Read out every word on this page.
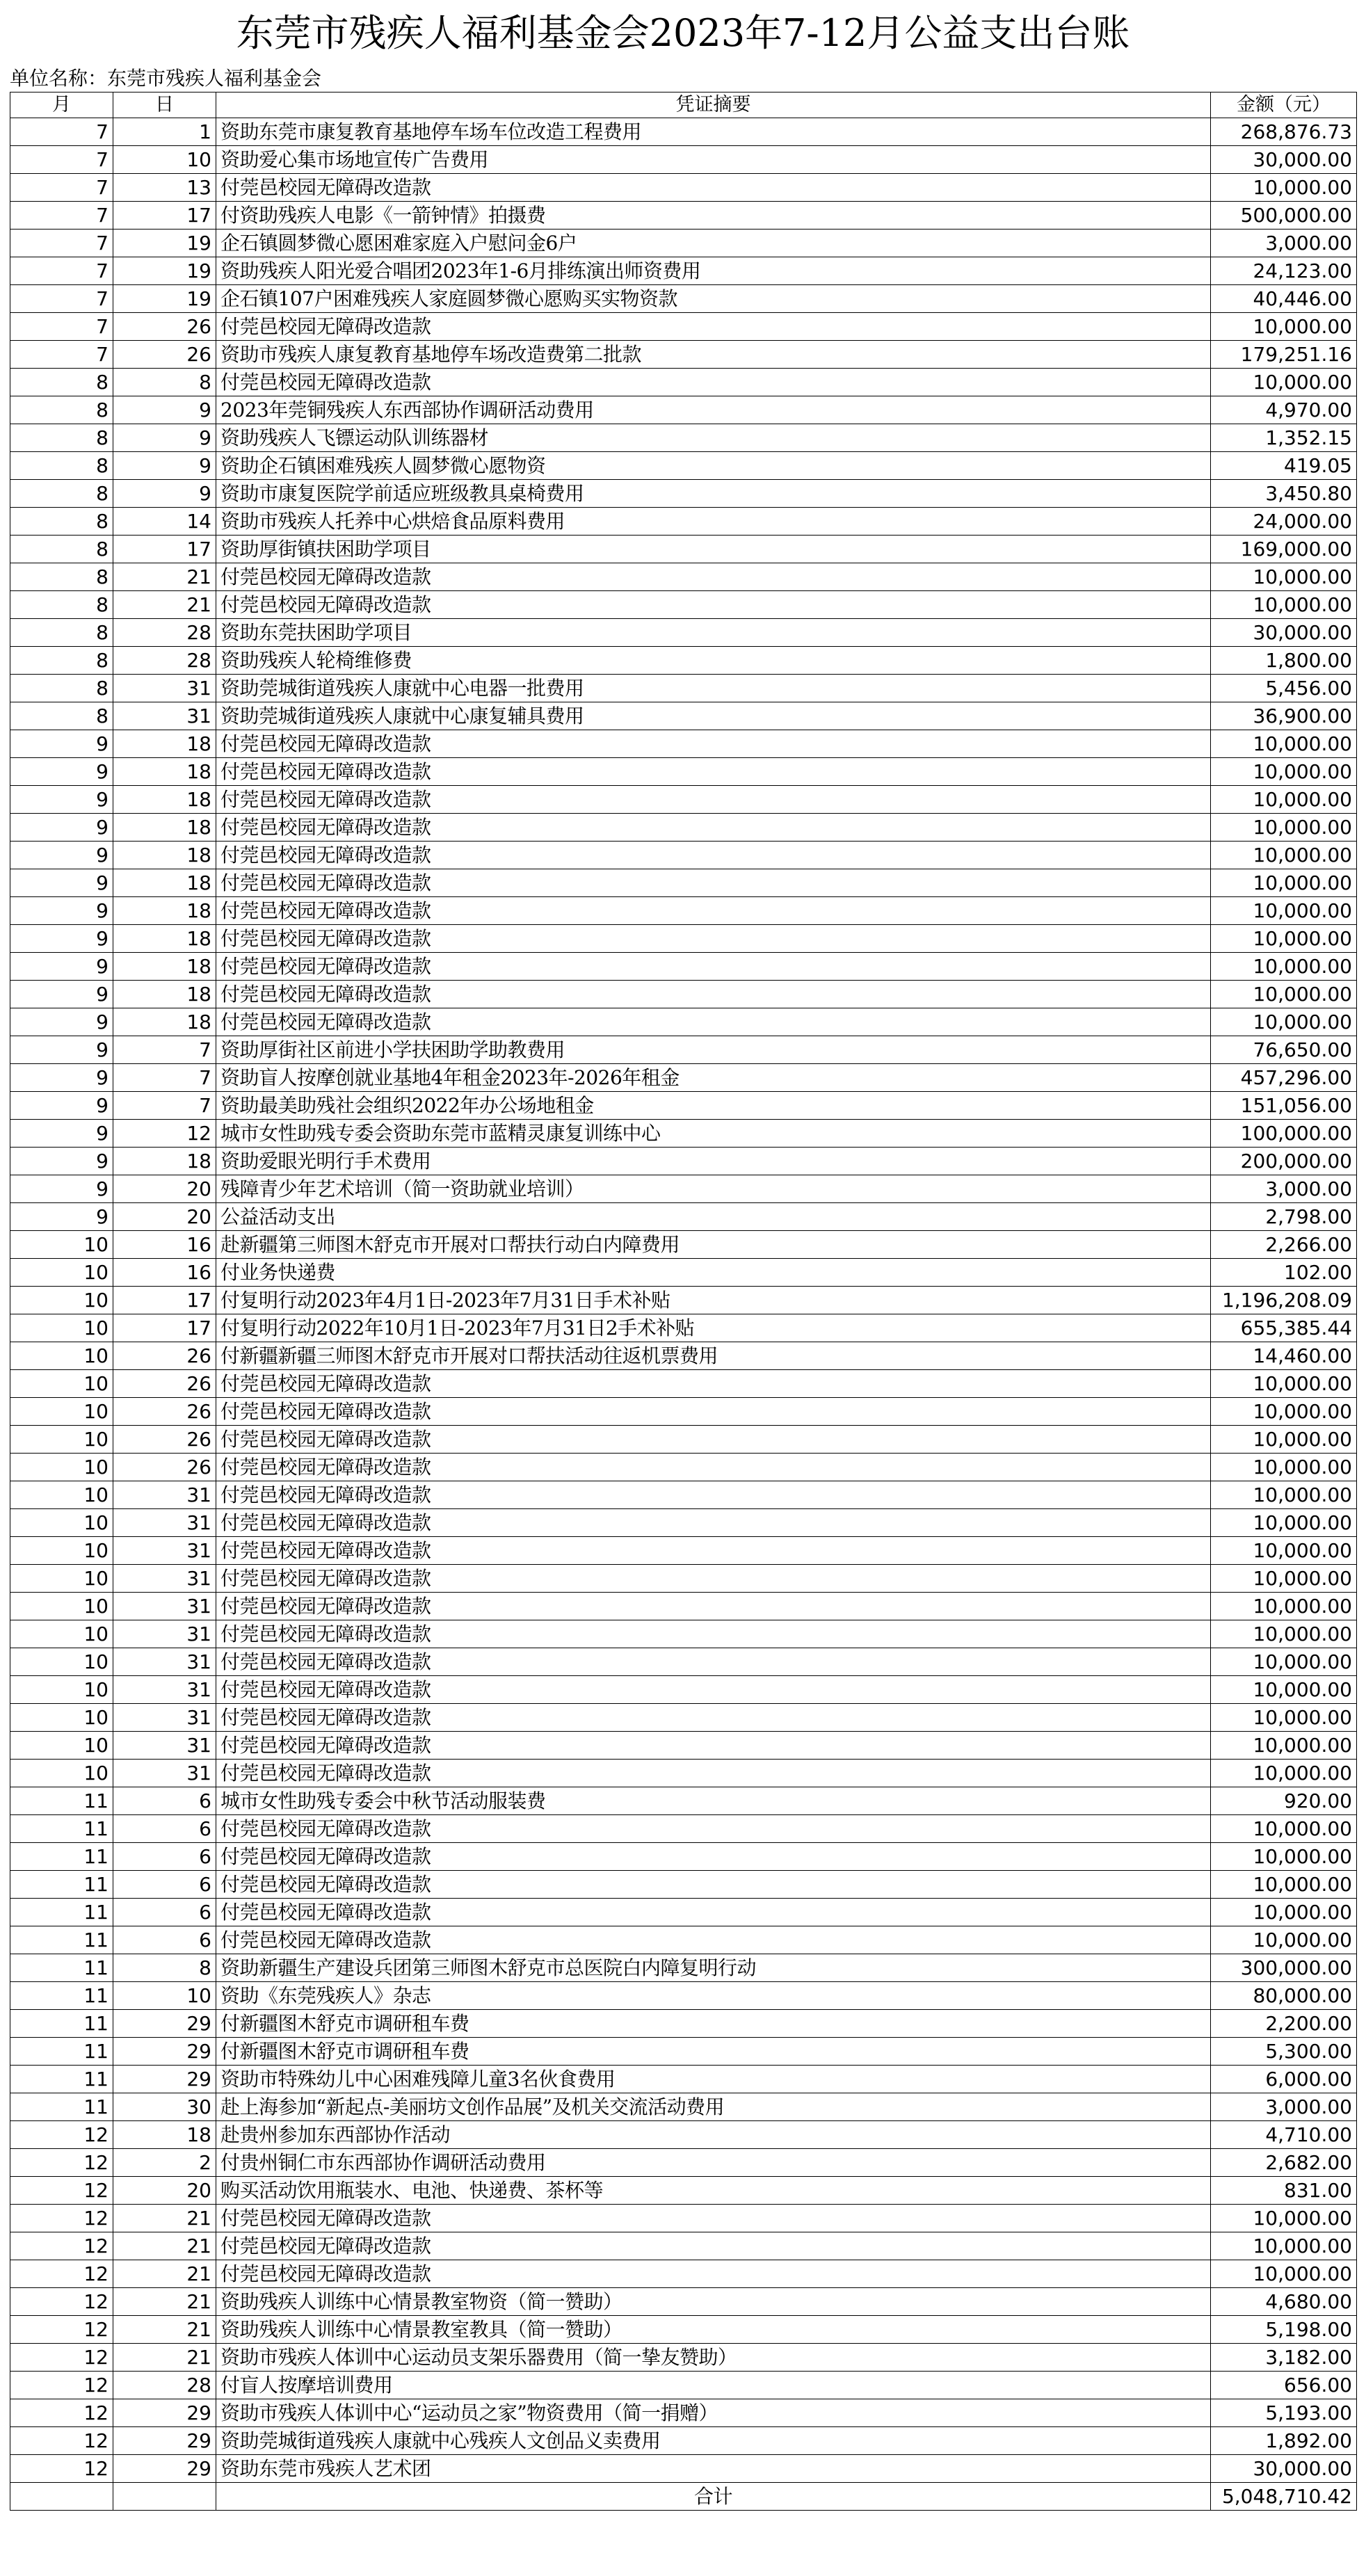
东莞市残疾人福利基金会2023年7-12月公益支出台账
单位名称：东莞市残疾人福利基金会
月	日	凭证摘要	金额（元）
7	1	资助东莞市康复教育基地停车场车位改造工程费用	268,876.73
7	10	资助爱心集市场地宣传广告费用	30,000.00
7	13	付莞邑校园无障碍改造款	10,000.00
7	17	付资助残疾人电影《一箭钟情》拍摄费	500,000.00
7	19	企石镇圆梦微心愿困难家庭入户慰问金6户	3,000.00
7	19	资助残疾人阳光爱合唱团2023年1-6月排练演出师资费用	24,123.00
7	19	企石镇107户困难残疾人家庭圆梦微心愿购买实物资款	40,446.00
7	26	付莞邑校园无障碍改造款	10,000.00
7	26	资助市残疾人康复教育基地停车场改造费第二批款	179,251.16
8	8	付莞邑校园无障碍改造款	10,000.00
8	9	2023年莞铜残疾人东西部协作调研活动费用	4,970.00
8	9	资助残疾人飞镖运动队训练器材	1,352.15
8	9	资助企石镇困难残疾人圆梦微心愿物资	419.05
8	9	资助市康复医院学前适应班级教具桌椅费用	3,450.80
8	14	资助市残疾人托养中心烘焙食品原料费用	24,000.00
8	17	资助厚街镇扶困助学项目	169,000.00
8	21	付莞邑校园无障碍改造款	10,000.00
8	21	付莞邑校园无障碍改造款	10,000.00
8	28	资助东莞扶困助学项目	30,000.00
8	28	资助残疾人轮椅维修费	1,800.00
8	31	资助莞城街道残疾人康就中心电器一批费用	5,456.00
8	31	资助莞城街道残疾人康就中心康复辅具费用	36,900.00
9	18	付莞邑校园无障碍改造款	10,000.00
9	18	付莞邑校园无障碍改造款	10,000.00
9	18	付莞邑校园无障碍改造款	10,000.00
9	18	付莞邑校园无障碍改造款	10,000.00
9	18	付莞邑校园无障碍改造款	10,000.00
9	18	付莞邑校园无障碍改造款	10,000.00
9	18	付莞邑校园无障碍改造款	10,000.00
9	18	付莞邑校园无障碍改造款	10,000.00
9	18	付莞邑校园无障碍改造款	10,000.00
9	18	付莞邑校园无障碍改造款	10,000.00
9	18	付莞邑校园无障碍改造款	10,000.00
9	7	资助厚街社区前进小学扶困助学助教费用	76,650.00
9	7	资助盲人按摩创就业基地4年租金2023年-2026年租金	457,296.00
9	7	资助最美助残社会组织2022年办公场地租金	151,056.00
9	12	城市女性助残专委会资助东莞市蓝精灵康复训练中心	100,000.00
9	18	资助爱眼光明行手术费用	200,000.00
9	20	残障青少年艺术培训（简一资助就业培训）	3,000.00
9	20	公益活动支出	2,798.00
10	16	赴新疆第三师图木舒克市开展对口帮扶行动白内障费用	2,266.00
10	16	付业务快递费	102.00
10	17	付复明行动2023年4月1日-2023年7月31日手术补贴	1,196,208.09
10	17	付复明行动2022年10月1日-2023年7月31日2手术补贴	655,385.44
10	26	付新疆新疆三师图木舒克市开展对口帮扶活动往返机票费用	14,460.00
10	26	付莞邑校园无障碍改造款	10,000.00
10	26	付莞邑校园无障碍改造款	10,000.00
10	26	付莞邑校园无障碍改造款	10,000.00
10	26	付莞邑校园无障碍改造款	10,000.00
10	31	付莞邑校园无障碍改造款	10,000.00
10	31	付莞邑校园无障碍改造款	10,000.00
10	31	付莞邑校园无障碍改造款	10,000.00
10	31	付莞邑校园无障碍改造款	10,000.00
10	31	付莞邑校园无障碍改造款	10,000.00
10	31	付莞邑校园无障碍改造款	10,000.00
10	31	付莞邑校园无障碍改造款	10,000.00
10	31	付莞邑校园无障碍改造款	10,000.00
10	31	付莞邑校园无障碍改造款	10,000.00
10	31	付莞邑校园无障碍改造款	10,000.00
10	31	付莞邑校园无障碍改造款	10,000.00
11	6	城市女性助残专委会中秋节活动服装费	920.00
11	6	付莞邑校园无障碍改造款	10,000.00
11	6	付莞邑校园无障碍改造款	10,000.00
11	6	付莞邑校园无障碍改造款	10,000.00
11	6	付莞邑校园无障碍改造款	10,000.00
11	6	付莞邑校园无障碍改造款	10,000.00
11	8	资助新疆生产建设兵团第三师图木舒克市总医院白内障复明行动	300,000.00
11	10	资助《东莞残疾人》杂志	80,000.00
11	29	付新疆图木舒克市调研租车费	2,200.00
11	29	付新疆图木舒克市调研租车费	5,300.00
11	29	资助市特殊幼儿中心困难残障儿童3名伙食费用	6,000.00
11	30	赴上海参加“新起点-美丽坊文创作品展”及机关交流活动费用	3,000.00
12	18	赴贵州参加东西部协作活动	4,710.00
12	2	付贵州铜仁市东西部协作调研活动费用	2,682.00
12	20	购买活动饮用瓶装水、电池、快递费、茶杯等	831.00
12	21	付莞邑校园无障碍改造款	10,000.00
12	21	付莞邑校园无障碍改造款	10,000.00
12	21	付莞邑校园无障碍改造款	10,000.00
12	21	资助残疾人训练中心情景教室物资（简一赞助）	4,680.00
12	21	资助残疾人训练中心情景教室教具（简一赞助）	5,198.00
12	21	资助市残疾人体训中心运动员支架乐器费用（简一挚友赞助）	3,182.00
12	28	付盲人按摩培训费用	656.00
12	29	资助市残疾人体训中心“运动员之家”物资费用（简一捐赠）	5,193.00
12	29	资助莞城街道残疾人康就中心残疾人文创品义卖费用	1,892.00
12	29	资助东莞市残疾人艺术团	30,000.00
		合计	5,048,710.42
